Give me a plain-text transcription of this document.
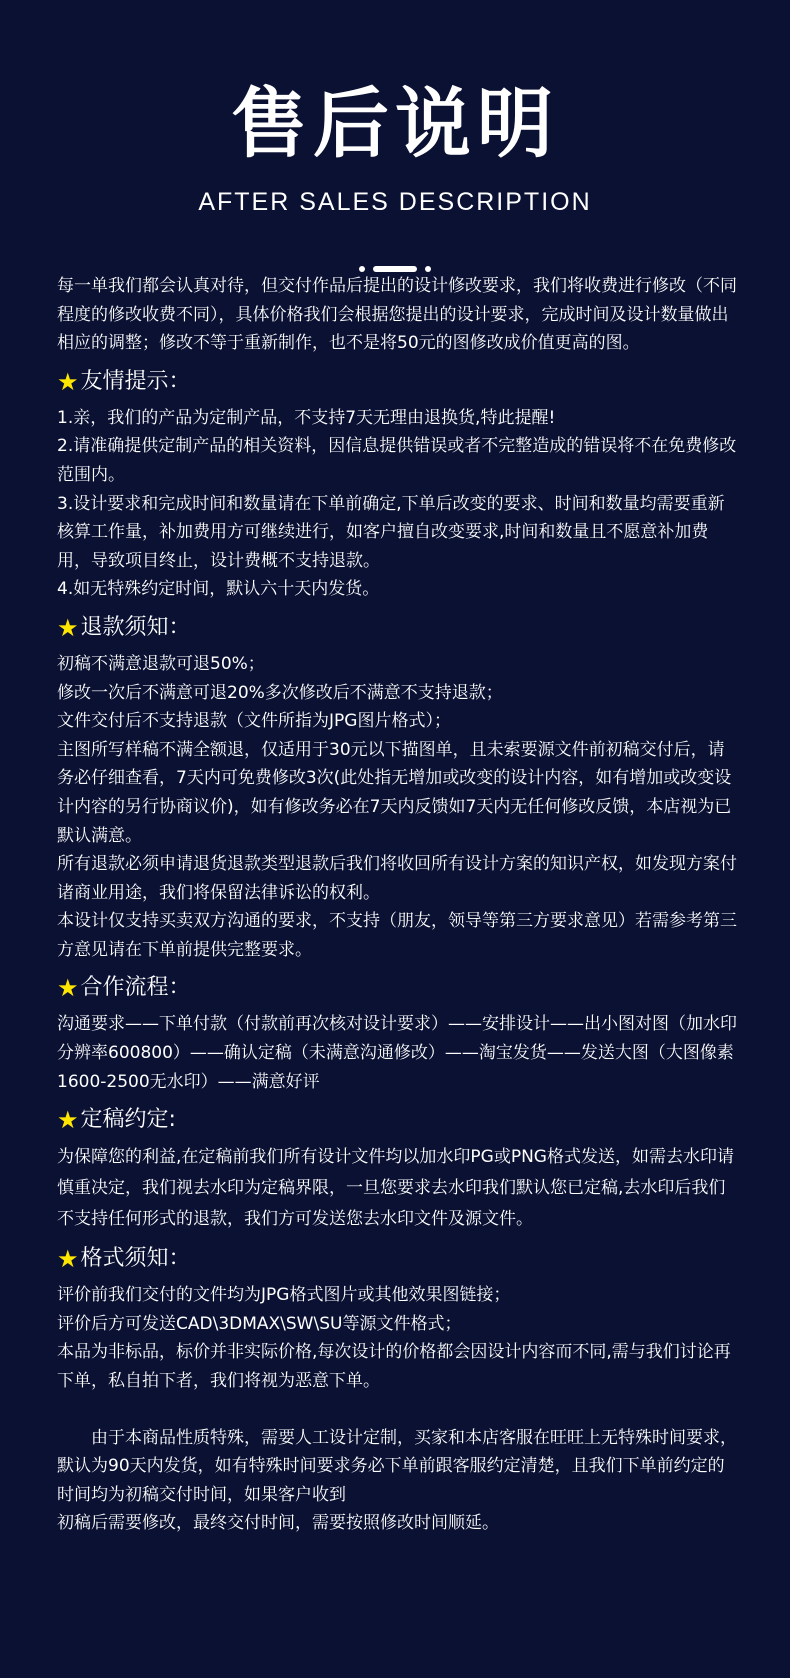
售后说明
AFTER SALES DESCRIPTION

每一单我们都会认真对待，但交付作品后提出的设计修改要求，我们将收费进行修改（不同程度的修改收费不同），具体价格我们会根据您提出的设计要求，完成时间及设计数量做出相应的调整；修改不等于重新制作，也不是将50元的图修改成价值更高的图。

★ 友情提示：

1.亲，我们的产品为定制产品，不支持7天无理由退换货,特此提醒!

2.请准确提供定制产品的相关资料，因信息提供错误或者不完整造成的错误将不在免费修改范围内。

3.设计要求和完成时间和数量请在下单前确定,下单后改变的要求、时间和数量均需要重新核算工作量，补加费用方可继续进行，如客户擅自改变要求,时间和数量且不愿意补加费用，导致项目终止，设计费概不支持退款。

4.如无特殊约定时间，默认六十天内发货。

★ 退款须知：

初稿不满意退款可退50%；

修改一次后不满意可退20%多次修改后不满意不支持退款；

文件交付后不支持退款（文件所指为JPG图片格式）；

主图所写样稿不满全额退，仅适用于30元以下描图单，且未索要源文件前初稿交付后，请务必仔细查看，7天内可免费修改3次(此处指无增加或改变的设计内容，如有增加或改变设计内容的另行协商议价)，如有修改务必在7天内反馈如7天内无任何修改反馈，本店视为已默认满意。

所有退款必须申请退货退款类型退款后我们将收回所有设计方案的知识产权，如发现方案付诸商业用途，我们将保留法律诉讼的权利。

本设计仅支持买卖双方沟通的要求，不支持（朋友，领导等第三方要求意见）若需参考第三方意见请在下单前提供完整要求。

★ 合作流程：

沟通要求——下单付款（付款前再次核对设计要求）——安排设计——出小图对图（加水印分辨率600800）——确认定稿（未满意沟通修改）——淘宝发货——发送大图（大图像素 1600-2500无水印）——满意好评

★ 定稿约定:

为保障您的利益,在定稿前我们所有设计文件均以加水印PG或PNG格式发送，如需去水印请慎重决定，我们视去水印为定稿界限，一旦您要求去水印我们默认您已定稿,去水印后我们不支持任何形式的退款，我们方可发送您去水印文件及源文件。

★ 格式须知：

评价前我们交付的文件均为JPG格式图片或其他效果图链接；

评价后方可发送CAD\3DMAX\SW\SU等源文件格式；

本品为非标品，标价并非实际价格,每次设计的价格都会因设计内容而不同,需与我们讨论再下单，私自拍下者，我们将视为恶意下单。

由于本商品性质特殊，需要人工设计定制，买家和本店客服在旺旺上无特殊时间要求，默认为90天内发货，如有特殊时间要求务必下单前跟客服约定清楚，且我们下单前约定的时间均为初稿交付时间，如果客户收到

初稿后需要修改，最终交付时间，需要按照修改时间顺延。
